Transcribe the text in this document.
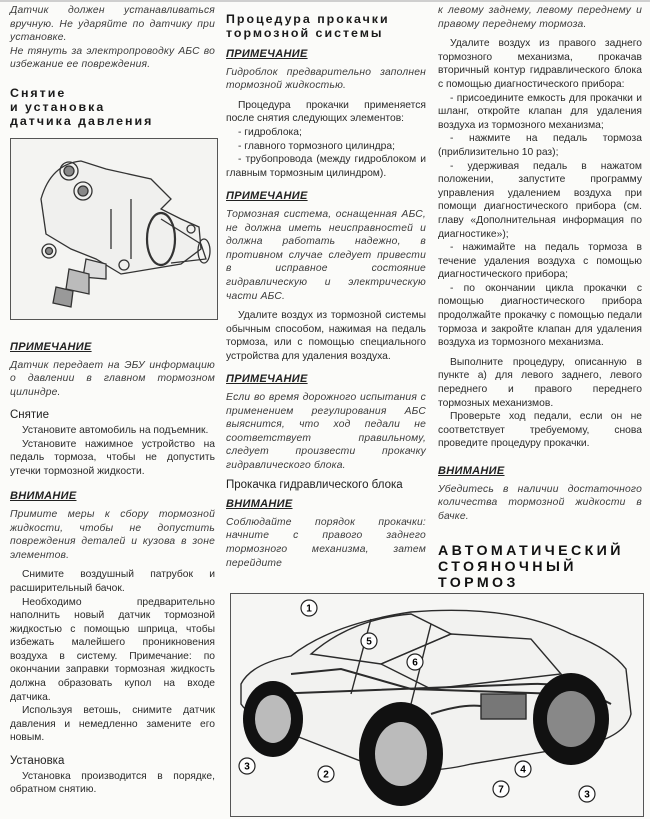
Датчик должен устанавливаться вручную. Не ударяйте по датчику при установке.

Не тянуть за электропроводку АБС во избежание ее повреждения.

Снятие
и установка
датчика давления
ПРИМЕЧАНИЕ

Датчик передает на ЭБУ информацию о давлении в главном тормозном цилиндре.

Снятие

Установите автомобиль на подъемник.

Установите нажимное устройство на педаль тормоза, чтобы не допустить утечки тормозной жидкости.

ВНИМАНИЕ

Примите меры к сбору тормозной жидкости, чтобы не допустить повреждения деталей и кузова в зоне элементов.

Снимите воздушный патрубок и расширительный бачок.

Необходимо предварительно наполнить новый датчик тормозной жидкостью с помощью шприца, чтобы избежать малейшего проникновения воздуха в систему. Примечание: по окончании заправки тормозная жидкость должна образовать купол на входе датчика.

Используя ветошь, снимите датчик давления и немедленно замените его новым.

Установка

Установка производится в порядке, обратном снятию.

Процедура прокачки
тормозной системы
ПРИМЕЧАНИЕ

Гидроблок предварительно заполнен тормозной жидкостью.

Процедура прокачки применяется после снятия следующих элементов:

- гидроблока;

- главного тормозного цилиндра;

- трубопровода (между гидроблоком и главным тормозным цилиндром).

ПРИМЕЧАНИЕ

Тормозная система, оснащенная АБС, не должна иметь неисправностей и должна работать надежно, в противном случае следует привести в исправное состояние гидравлическую и электрическую части АБС.

Удалите воздух из тормозной системы обычным способом, нажимая на педаль тормоза, или с помощью специального устройства для удаления воздуха.

ПРИМЕЧАНИЕ

Если во время дорожного испытания с применением регулирования АБС выяснится, что ход педали не соответствует правильному, следует произвести прокачку гидравлического блока.

Прокачка гидравлического блока
ВНИМАНИЕ

Соблюдайте порядок прокачки: начните с правого заднего тормозного механизма, затем перейдите

к левому заднему, левому переднему и правому переднему тормоза.

Удалите воздух из правого заднего тормозного механизма, прокачав вторичный контур гидравлического блока с помощью диагностического прибора:

- присоедините емкость для прокачки и шланг, откройте клапан для удаления воздуха из тормозного механизма;

- нажмите на педаль тормоза (приблизительно 10 раз);

- удерживая педаль в нажатом положении, запустите программу управления удалением воздуха при помощи диагностического прибора (см. главу «Дополнительная информация по диагностике»);

- нажимайте на педаль тормоза в течение удаления воздуха с помощью диагностического прибора;

- по окончании цикла прокачки с помощью диагностического прибора продолжайте прокачку с помощью педали тормоза и закройте клапан для удаления воздуха из тормозного механизма.

Выполните процедуру, описанную в пункте а) для левого заднего, левого переднего и правого переднего тормозных механизмов.

Проверьте ход педали, если он не соответствует требуемому, снова проведите процедуру прокачки.

ВНИМАНИЕ

Убедитесь в наличии достаточного количества тормозной жидкости в бачке.

АВТОМАТИЧЕСКИЙ
СТОЯНОЧНЫЙ ТОРМОЗ
1
2
3	4
5
6
7	3
